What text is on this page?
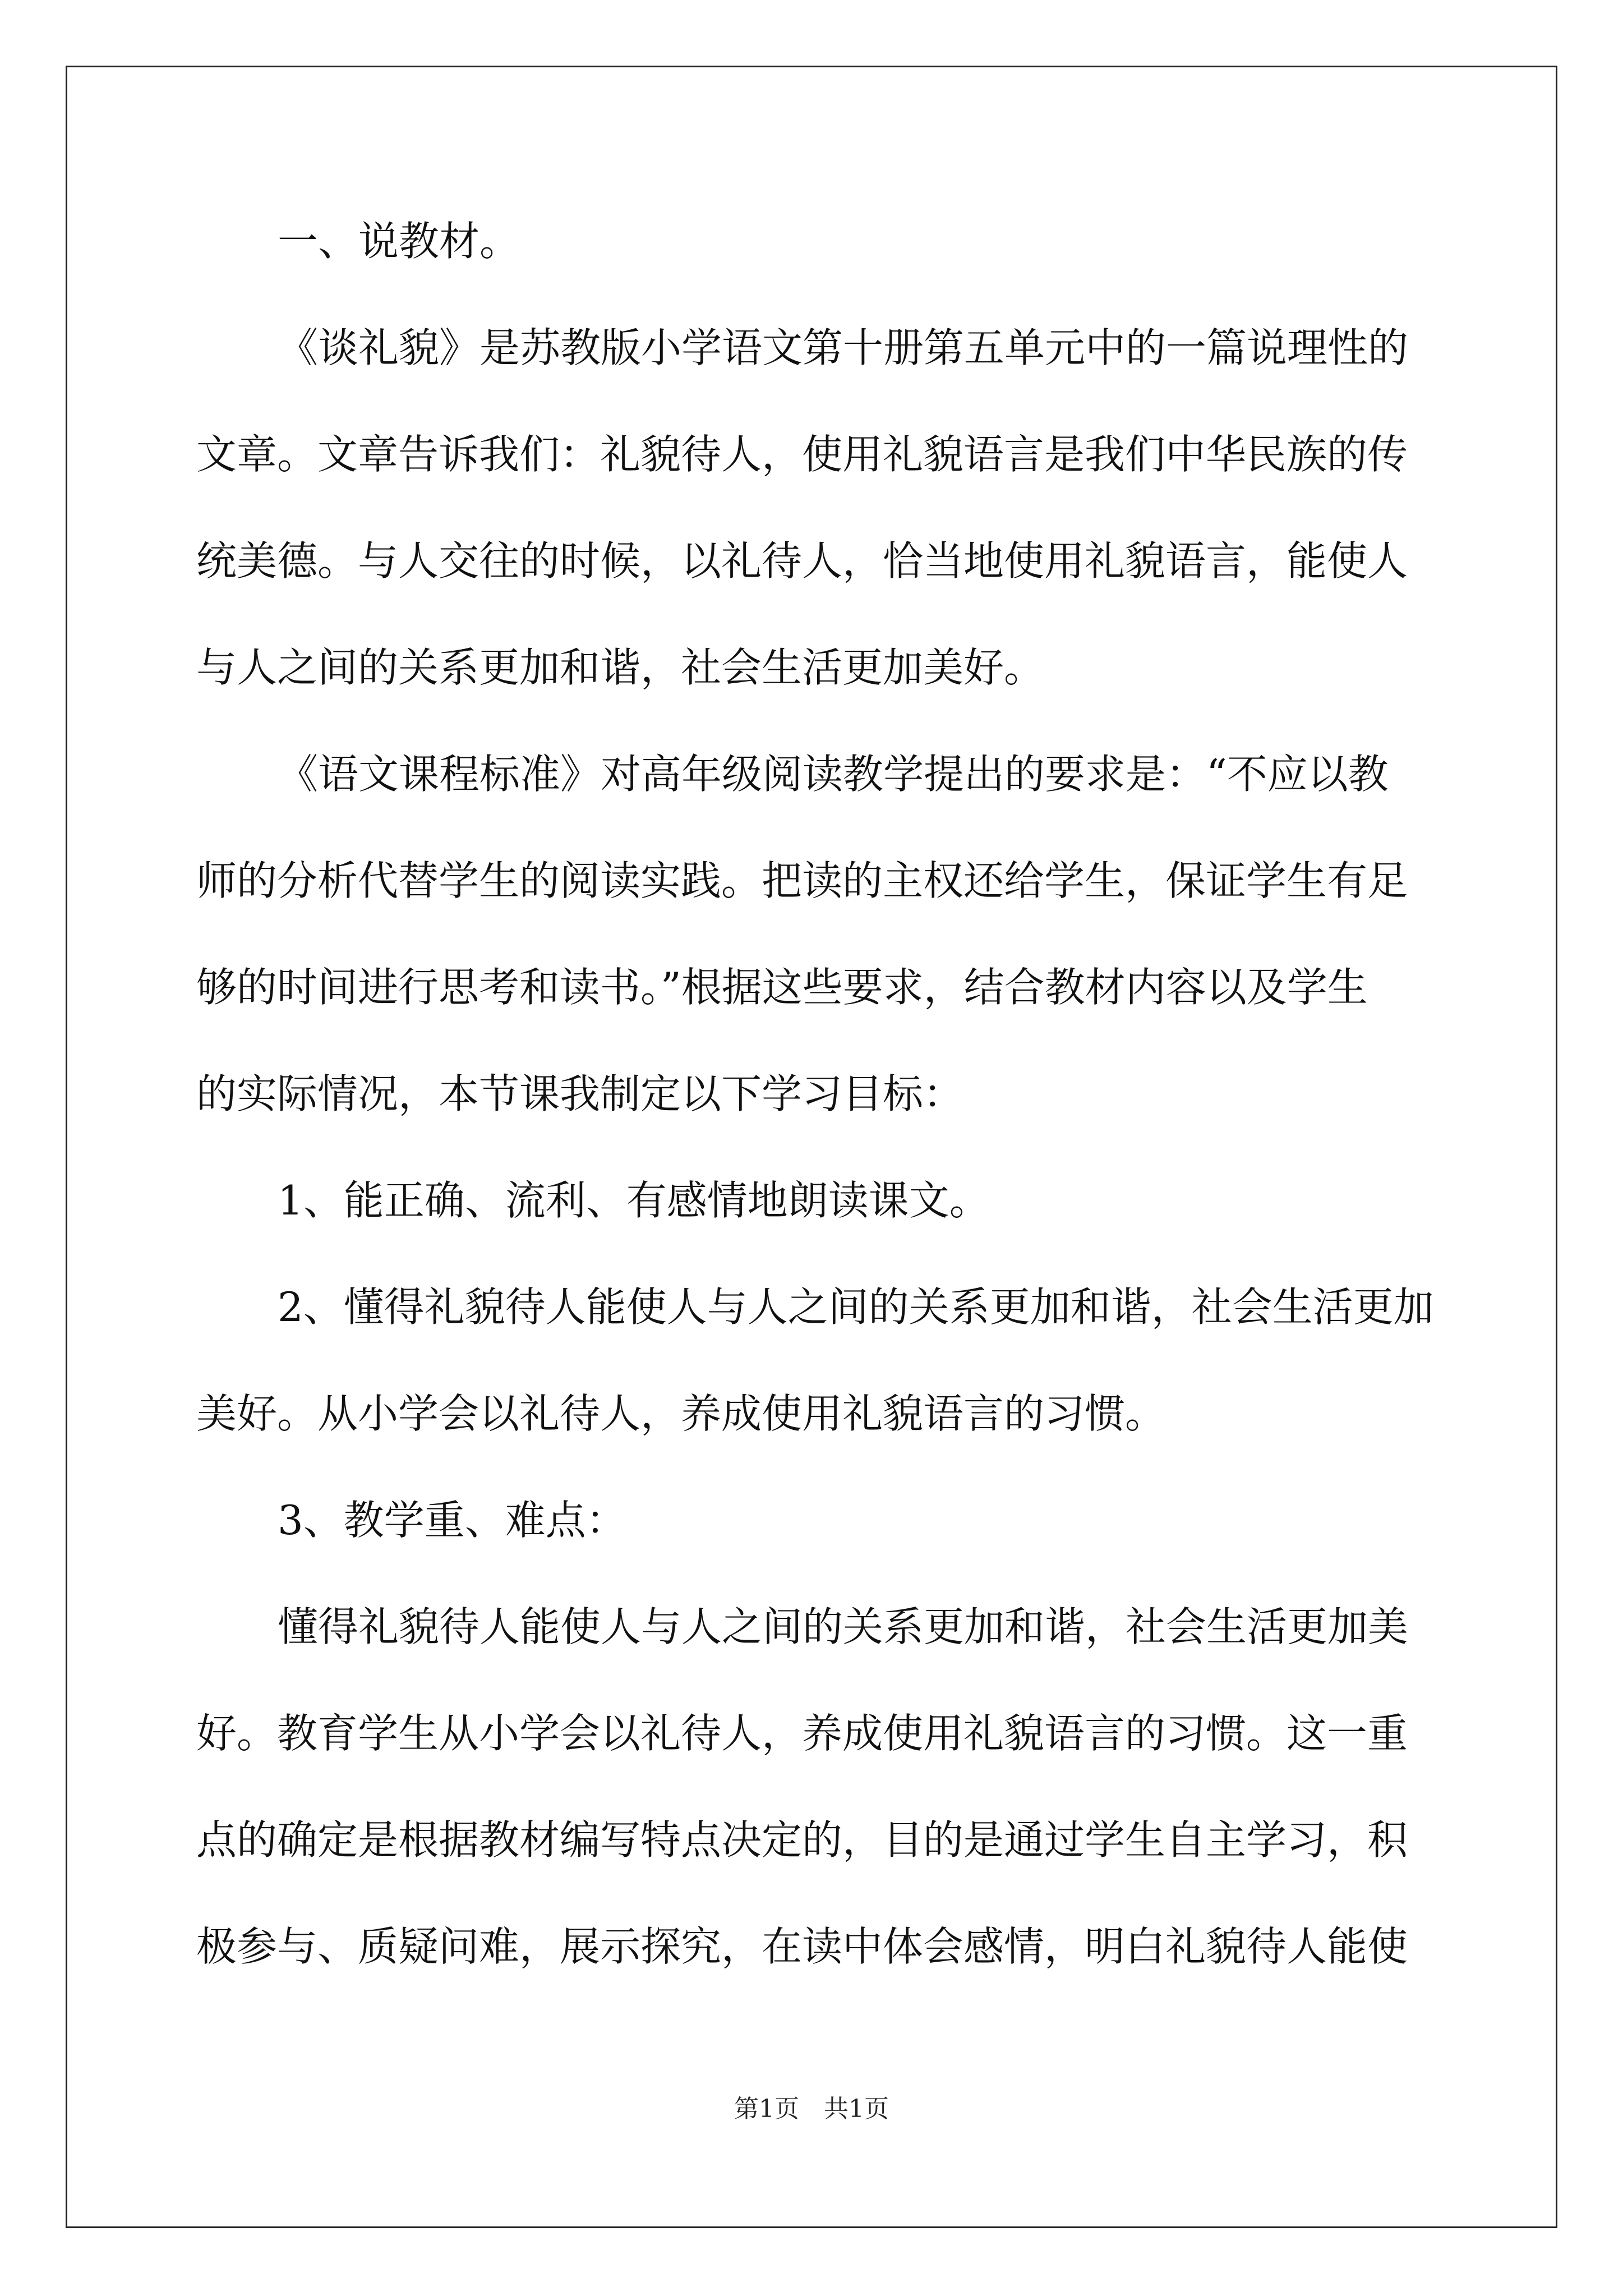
一、说教材。
《谈礼貌》是苏教版小学语文第十册第五单元中的一篇说理性的
文章。文章告诉我们：礼貌待人，使用礼貌语言是我们中华民族的传
统美德。与人交往的时候，以礼待人，恰当地使用礼貌语言，能使人
与人之间的关系更加和谐，社会生活更加美好。
《语文课程标准》对高年级阅读教学提出的要求是：“不应以教
师的分析代替学生的阅读实践。把读的主权还给学生，保证学生有足
够的时间进行思考和读书。”根据这些要求，结合教材内容以及学生
的实际情况，本节课我制定以下学习目标：
1、能正确、流利、有感情地朗读课文。
2、懂得礼貌待人能使人与人之间的关系更加和谐，社会生活更加
美好。从小学会以礼待人，养成使用礼貌语言的习惯。
3、教学重、难点：
懂得礼貌待人能使人与人之间的关系更加和谐，社会生活更加美
好。教育学生从小学会以礼待人，养成使用礼貌语言的习惯。这一重
点的确定是根据教材编写特点决定的，目的是通过学生自主学习，积
极参与、质疑问难，展示探究，在读中体会感情，明白礼貌待人能使
第1页　共1页
